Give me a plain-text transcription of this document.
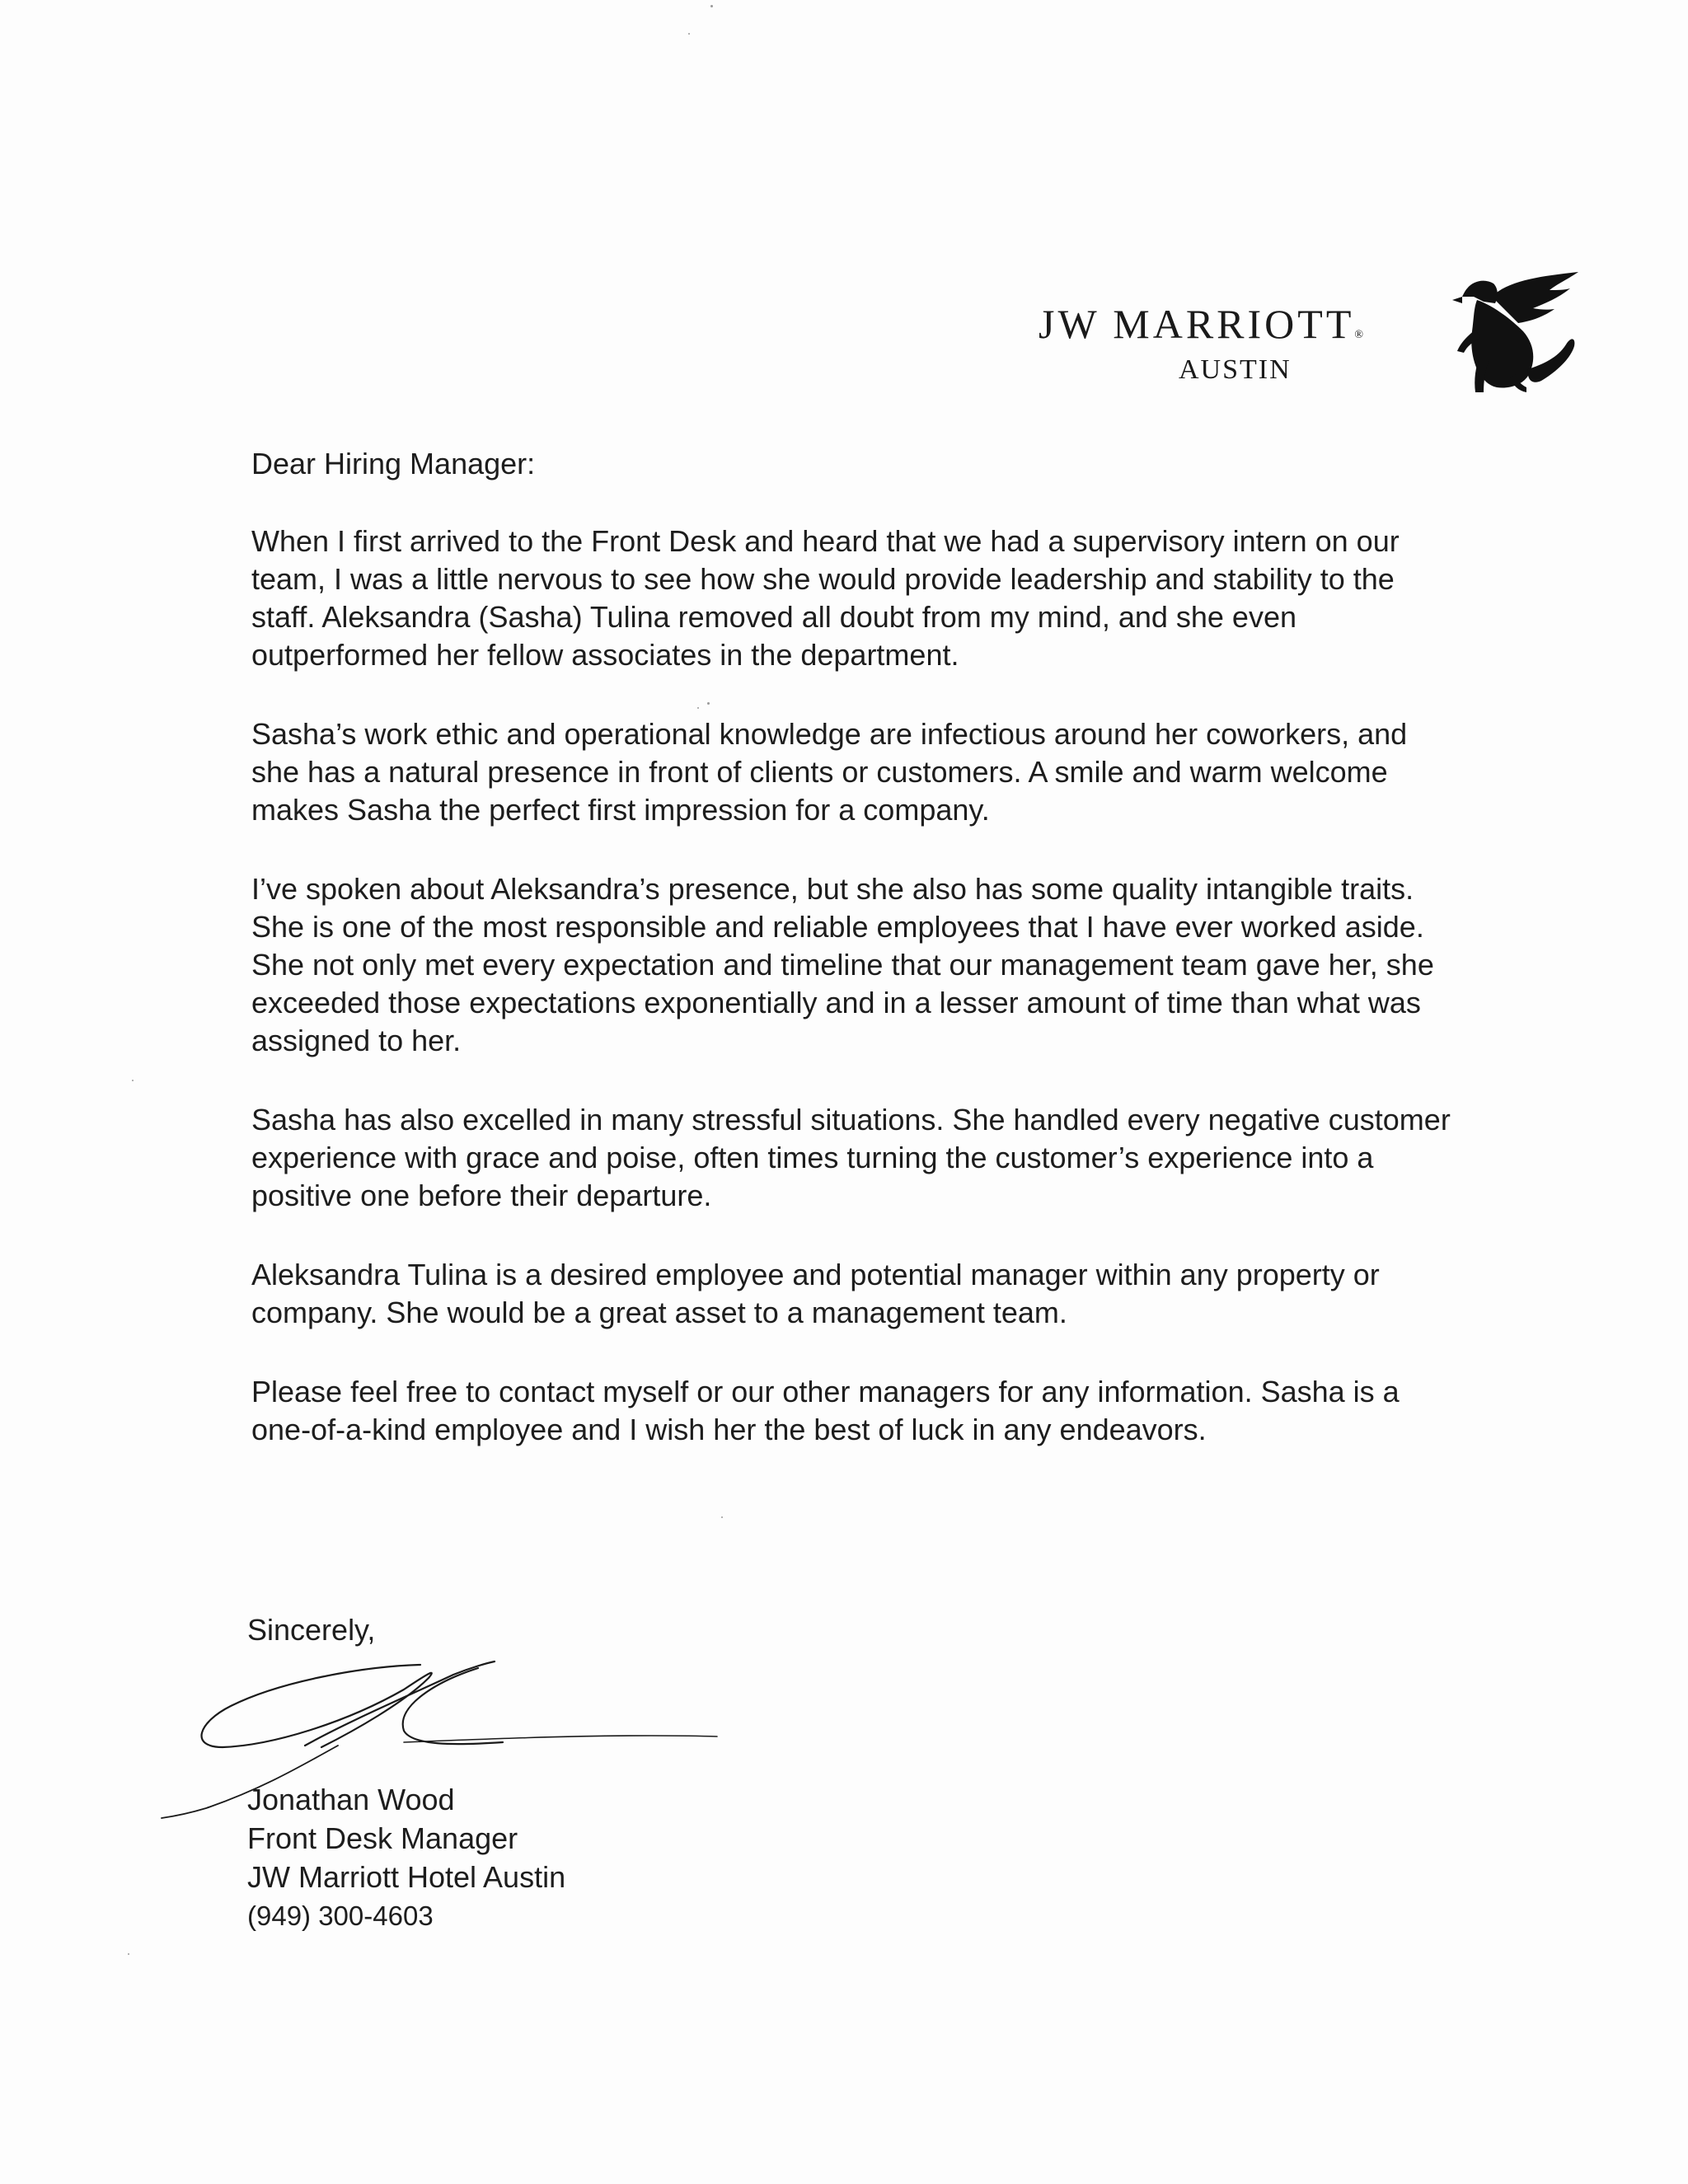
JW MARRIOTT®
AUSTIN

Dear Hiring Manager:

When I first arrived to the Front Desk and heard that we had a supervisory intern on our team, I was a little nervous to see how she would provide leadership and stability to the staff. Aleksandra (Sasha) Tulina removed all doubt from my mind, and she even outperformed her fellow associates in the department.

Sasha’s work ethic and operational knowledge are infectious around her coworkers, and she has a natural presence in front of clients or customers. A smile and warm welcome makes Sasha the perfect first impression for a company.

I’ve spoken about Aleksandra’s presence, but she also has some quality intangible traits. She is one of the most responsible and reliable employees that I have ever worked aside. She not only met every expectation and timeline that our management team gave her, she exceeded those expectations exponentially and in a lesser amount of time than what was assigned to her.

Sasha has also excelled in many stressful situations. She handled every negative customer experience with grace and poise, often times turning the customer’s experience into a positive one before their departure.

Aleksandra Tulina is a desired employee and potential manager within any property or company. She would be a great asset to a management team.

Please feel free to contact myself or our other managers for any information. Sasha is a one-of-a-kind employee and I wish her the best of luck in any endeavors.

Sincerely,
Jonathan Wood
Front Desk Manager
JW Marriott Hotel Austin
(949) 300-4603
